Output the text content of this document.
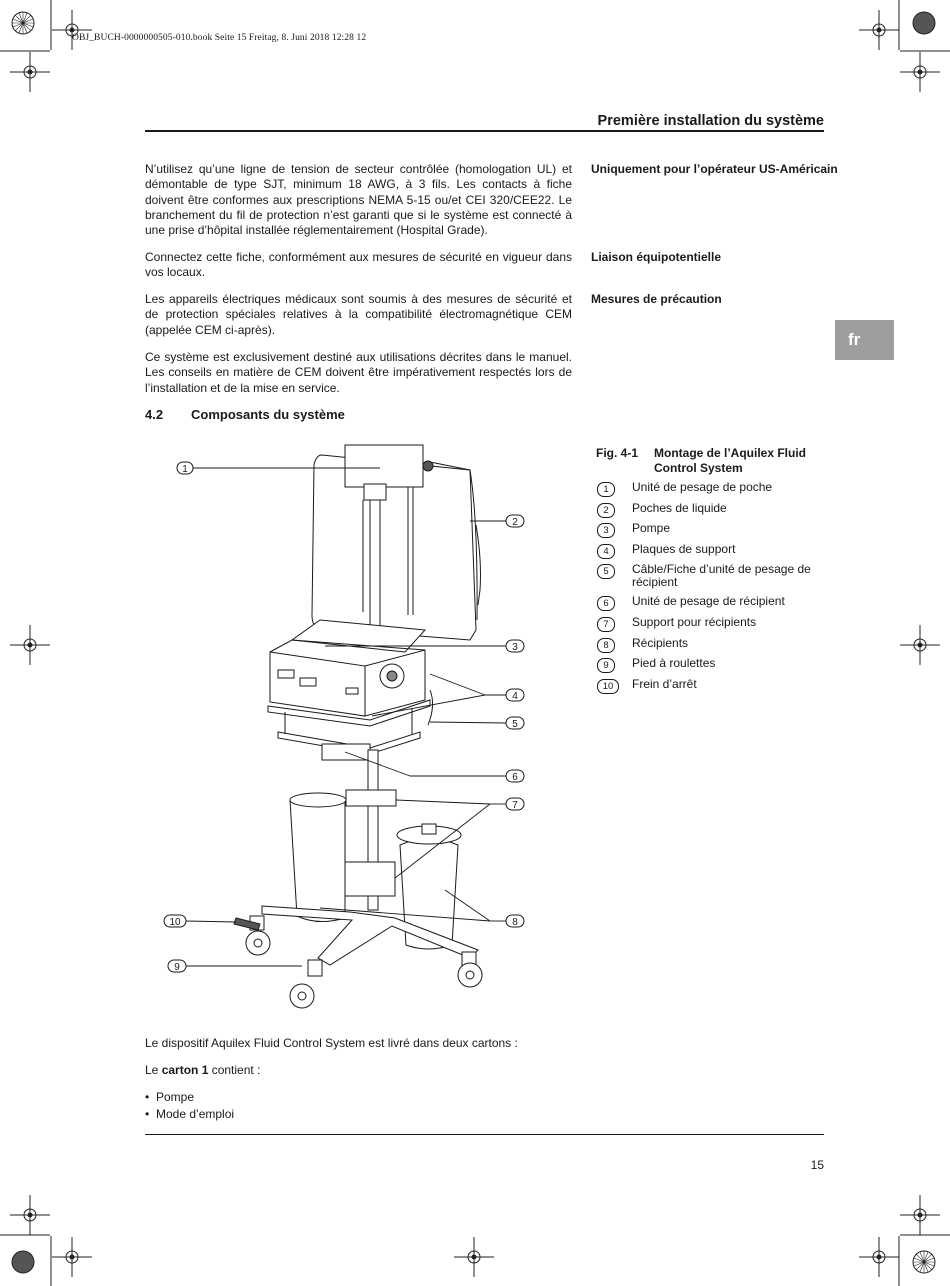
OBJ_BUCH-0000000505-010.book Seite 15 Freitag, 8. Juni 2018 12:28 12
Première installation du système
fr
N’utilisez qu’une ligne de tension de secteur contrôlée (homologation UL) et démontable de type SJT, minimum 18 AWG, à 3 fils. Les contacts à fiche doivent être conformes aux prescriptions NEMA 5-15 ou/et CEI 320/CEE22. Le branchement du fil de protection n’est garanti que si le système est connecté à une prise d’hôpital installée réglementairement (Hospital Grade).
Uniquement pour l’opérateur US-Américain
Connectez cette fiche, conformément aux mesures de sécurité en vigueur dans vos locaux.
Liaison équipotentielle
Les appareils électriques médicaux sont soumis à des mesures de sécurité et de protection spéciales relatives à la compatibilité électromagnétique CEM (appelée CEM ci-après).
Mesures de précaution
Ce système est exclusivement destiné aux utilisations décrites dans le manuel. Les conseils en matière de CEM doivent être impérativement respectés lors de l’installation et de la mise en service.
4.2 Composants du système
1
2
3
4
5
6
7
8
9
10
Fig. 4-1 Montage de l’Aquilex Fluid Control System
1	Unité de pesage de poche
2	Poches de liquide
3	Pompe
4	Plaques de support
5	Câble/Fiche d’unité de pesage de récipient
6	Unité de pesage de récipient
7	Support pour récipients
8	Récipients
9	Pied à roulettes
10	Frein d’arrêt
Le dispositif Aquilex Fluid Control System est livré dans deux cartons :
Le carton 1 contient :
• Pompe
• Mode d’emploi
15
